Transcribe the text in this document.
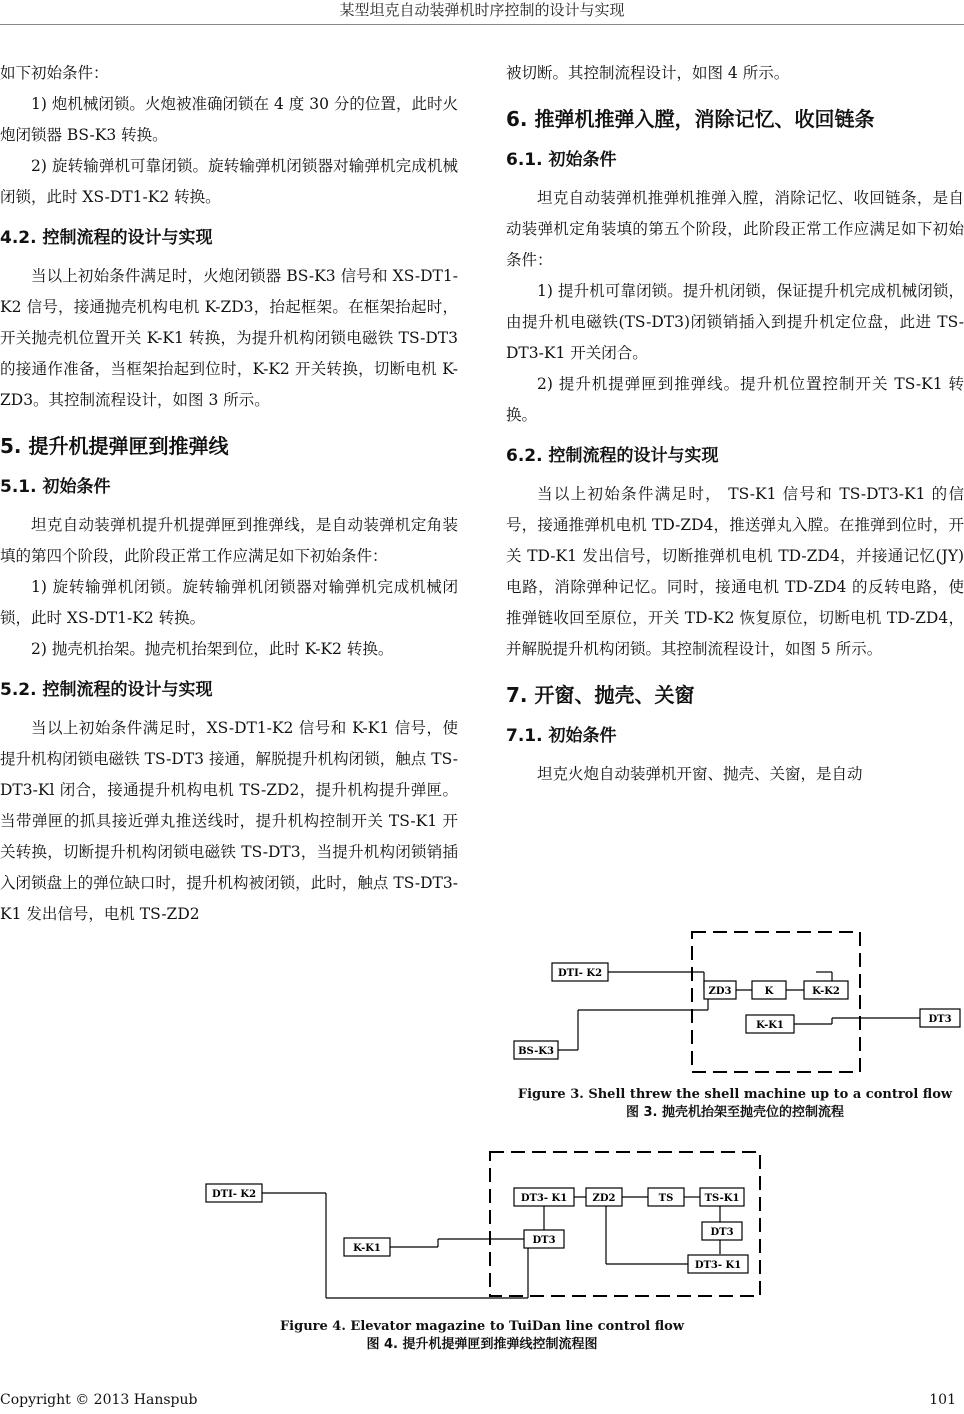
某型坦克自动装弹机时序控制的设计与实现

如下初始条件：

1) 炮机械闭锁。火炮被准确闭锁在 4 度 30 分的位置，此时火炮闭锁器 BS-K3 转换。

2) 旋转输弹机可靠闭锁。旋转输弹机闭锁器对输弹机完成机械闭锁，此时 XS-DT1-K2 转换。

4.2. 控制流程的设计与实现

当以上初始条件满足时，火炮闭锁器 BS-K3 信号和 XS-DT1-K2 信号，接通抛壳机构电机 K-ZD3，抬起框架。在框架抬起时，开关抛壳机位置开关 K-K1 转换，为提升机构闭锁电磁铁 TS-DT3 的接通作准备，当框架抬起到位时，K-K2 开关转换，切断电机 K-ZD3。其控制流程设计，如图 3 所示。

5. 提升机提弹匣到推弹线
5.1. 初始条件

坦克自动装弹机提升机提弹匣到推弹线，是自动装弹机定角装填的第四个阶段，此阶段正常工作应满足如下初始条件：

1) 旋转输弹机闭锁。旋转输弹机闭锁器对输弹机完成机械闭锁，此时 XS-DT1-K2 转换。

2) 抛壳机抬架。抛壳机抬架到位，此时 K-K2 转换。

5.2. 控制流程的设计与实现

当以上初始条件满足时，XS-DT1-K2 信号和 K-K1 信号，使提升机构闭锁电磁铁 TS-DT3 接通，解脱提升机构闭锁，触点 TS-DT3-Kl 闭合，接通提升机构电机 TS-ZD2，提升机构提升弹匣。当带弹匣的抓具接近弹丸推送线时，提升机构控制开关 TS-K1 开关转换，切断提升机构闭锁电磁铁 TS-DT3，当提升机构闭锁销插入闭锁盘上的弹位缺口时，提升机构被闭锁，此时，触点 TS-DT3-K1 发出信号，电机 TS-ZD2

被切断。其控制流程设计，如图 4 所示。

6. 推弹机推弹入膛，消除记忆、收回链条
6.1. 初始条件

坦克自动装弹机推弹机推弹入膛，消除记忆、收回链条，是自动装弹机定角装填的第五个阶段，此阶段正常工作应满足如下初始条件：

1) 提升机可靠闭锁。提升机闭锁，保证提升机完成机械闭锁，由提升机电磁铁(TS-DT3)闭锁销插入到提升机定位盘，此进 TS-DT3-K1 开关闭合。

2) 提升机提弹匣到推弹线。提升机位置控制开关 TS-K1 转换。

6.2. 控制流程的设计与实现

当以上初始条件满足时， TS-K1 信号和 TS-DT3-K1 的信号，接通推弹机电机 TD-ZD4，推送弹丸入膛。在推弹到位时，开关 TD-K1 发出信号，切断推弹机电机 TD-ZD4，并接通记忆(JY)电路，消除弹种记忆。同时，接通电机 TD-ZD4 的反转电路，使推弹链收回至原位，开关 TD-K2 恢复原位，切断电机 TD-ZD4，并解脱提升机构闭锁。其控制流程设计，如图 5 所示。

7. 开窗、抛壳、关窗
7.1. 初始条件

坦克火炮自动装弹机开窗、抛壳、关窗，是自动

DTI- K2
BS-K3
ZD3	K	K-K2
K-K1
DT3
Figure 3. Shell threw the shell machine up to a control flow
图 3. 抛壳机抬架至抛壳位的控制流程
DTI- K2
K-K1
DT3- K1	ZD2	TS	TS-K1
DT3
DT3
DT3- K1
Figure 4. Elevator magazine to TuiDan line control flow
图 4. 提升机提弹匣到推弹线控制流程图
Copyright © 2013 Hanspub	101
